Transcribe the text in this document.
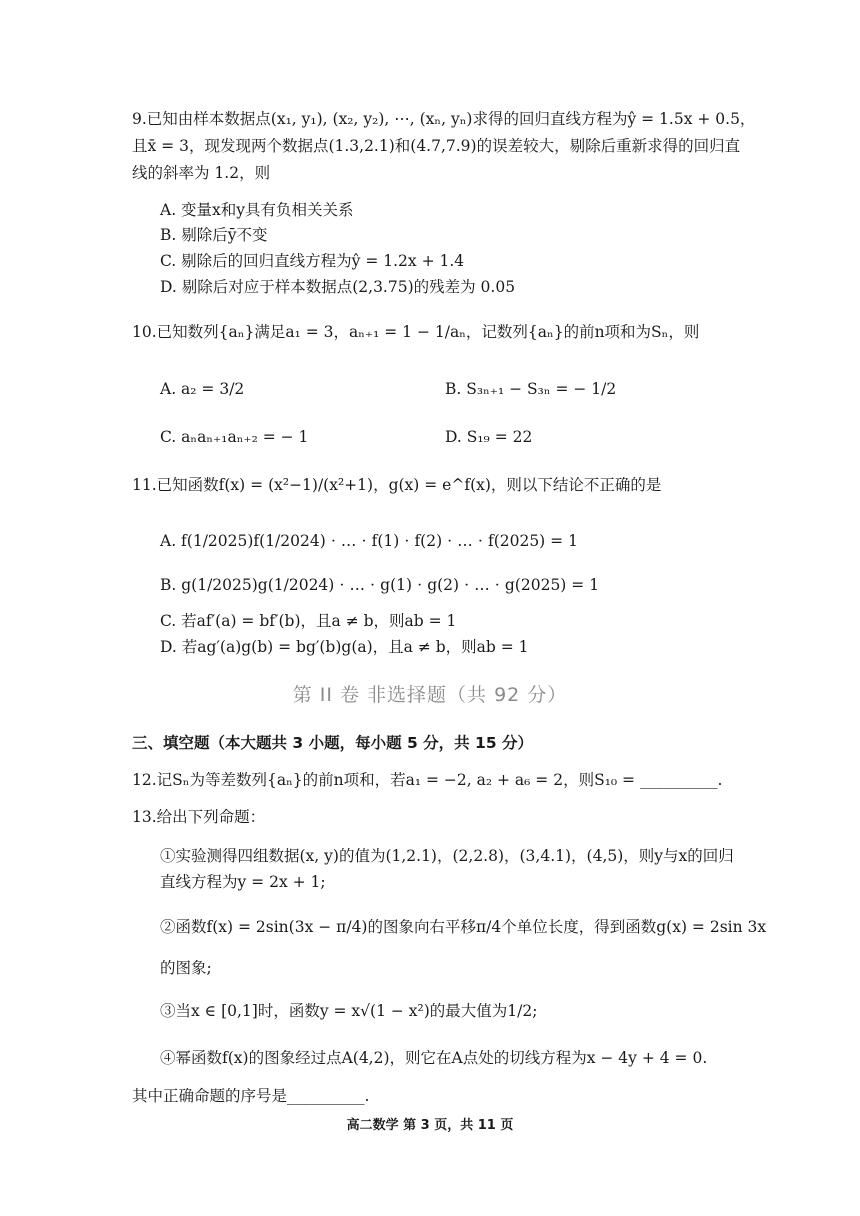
9.已知由样本数据点(x₁, y₁), (x₂, y₂), ⋯, (xₙ, yₙ)求得的回归直线方程为ŷ = 1.5x + 0.5，
且x̄ = 3，现发现两个数据点(1.3,2.1)和(4.7,7.9)的误差较大，剔除后重新求得的回归直
线的斜率为 1.2，则
A. 变量x和y具有负相关关系
B. 剔除后ȳ不变
C. 剔除后的回归直线方程为ŷ = 1.2x + 1.4
D. 剔除后对应于样本数据点(2,3.75)的残差为 0.05
10.已知数列{aₙ}满足a₁ = 3，aₙ₊₁ = 1 − 1/aₙ，记数列{aₙ}的前n项和为Sₙ，则
A. a₂ = 3/2	B. S₃ₙ₊₁ − S₃ₙ = − 1/2
C. aₙaₙ₊₁aₙ₊₂ = − 1	D. S₁₉ = 22
11.已知函数f(x) = (x²−1)/(x²+1)，g(x) = e^f(x)，则以下结论不正确的是
A. f(1/2025)f(1/2024) ⋅ … ⋅ f(1) ⋅ f(2) ⋅ … ⋅ f(2025) = 1
B. g(1/2025)g(1/2024) ⋅ … ⋅ g(1) ⋅ g(2) ⋅ … ⋅ g(2025) = 1
C. 若af′(a) = bf′(b)，且a ≠ b，则ab = 1
D. 若ag′(a)g(b) = bg′(b)g(a)，且a ≠ b，则ab = 1
第 II 卷 非选择题（共 92 分）
三、填空题（本大题共 3 小题，每小题 5 分，共 15 分）
12.记Sₙ为等差数列{aₙ}的前n项和，若a₁ = −2, a₂ + a₆ = 2，则S₁₀ = __________.
13.给出下列命题：
①实验测得四组数据(x, y)的值为(1,2.1)，(2,2.8)，(3,4.1)，(4,5)，则y与x的回归
直线方程为y = 2x + 1;
②函数f(x) = 2sin(3x − π/4)的图象向右平移π/4个单位长度，得到函数g(x) = 2sin 3x
的图象;
③当x ∈ [0,1]时，函数y = x√(1 − x²)的最大值为1/2;
④幂函数f(x)的图象经过点A(4,2)，则它在A点处的切线方程为x − 4y + 4 = 0.
其中正确命题的序号是__________.
高二数学 第 3 页，共 11 页
